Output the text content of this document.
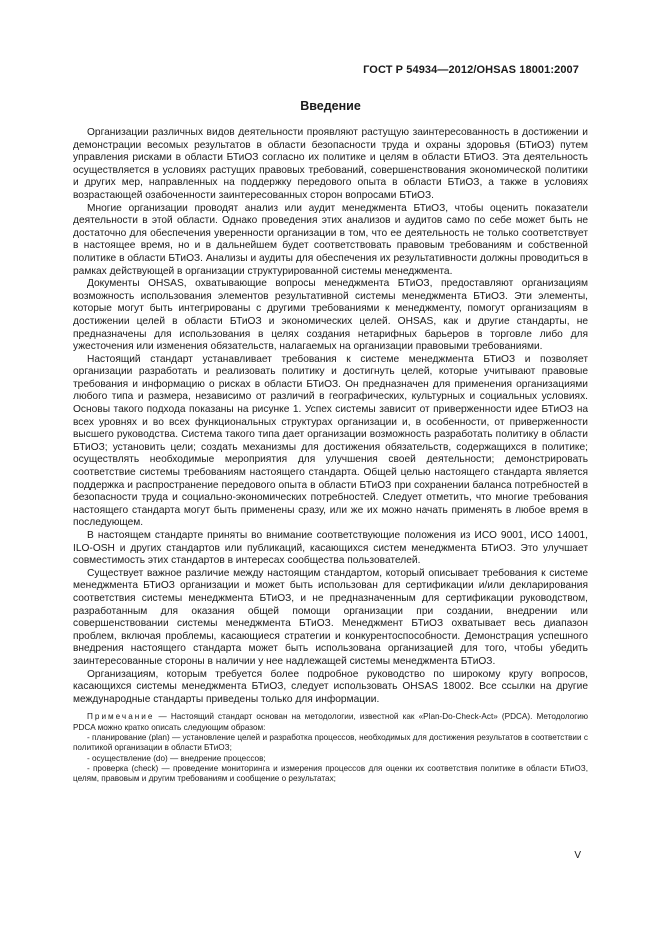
ГОСТ Р 54934—2012/OHSAS 18001:2007
Введение

Организации различных видов деятельности проявляют растущую заинтересованность в достижении и демонстрации весомых результатов в области безопасности труда и охраны здоровья (БТиОЗ) путем управления рисками в области БТиОЗ согласно их политике и целям в области БТиОЗ. Эта деятельность осуществляется в условиях растущих правовых требований, совершенствования экономической политики и других мер, направленных на поддержку передового опыта в области БТиОЗ, а также в условиях возрастающей озабоченности заинтересованных сторон вопросами БТиОЗ.

Многие организации проводят анализ или аудит менеджмента БТиОЗ, чтобы оценить показатели деятельности в этой области. Однако проведения этих анализов и аудитов само по себе может быть не достаточно для обеспечения уверенности организации в том, что ее деятельность не только соответствует в настоящее время, но и в дальнейшем будет соответствовать правовым требованиям и собственной политике в области БТиОЗ. Анализы и аудиты для обеспечения их результативности должны проводиться в рамках действующей в организации структурированной системы менеджмента.

Документы OHSAS, охватывающие вопросы менеджмента БТиОЗ, предоставляют организациям возможность использования элементов результативной системы менеджмента БТиОЗ. Эти элементы, которые могут быть интегрированы с другими требованиями к менеджменту, помогут организациям в достижении целей в области БТиОЗ и экономических целей. OHSAS, как и другие стандарты, не предназначены для использования в целях создания нетарифных барьеров в торговле либо для ужесточения или изменения обязательств, налагаемых на организации правовыми требованиями.

Настоящий стандарт устанавливает требования к системе менеджмента БТиОЗ и позволяет организации разработать и реализовать политику и достигнуть целей, которые учитывают правовые требования и информацию о рисках в области БТиОЗ. Он предназначен для применения организациями любого типа и размера, независимо от различий в географических, культурных и социальных условиях. Основы такого подхода показаны на рисунке 1. Успех системы зависит от приверженности идее БТиОЗ на всех уровнях и во всех функциональных структурах организации и, в особенности, от приверженности высшего руководства. Система такого типа дает организации возможность разработать политику в области БТиОЗ; установить цели; создать механизмы для достижения обязательств, содержащихся в политике; осуществлять необходимые мероприятия для улучшения своей деятельности; демонстрировать соответствие системы требованиям настоящего стандарта. Общей целью настоящего стандарта является поддержка и распространение передового опыта в области БТиОЗ при сохранении баланса потребностей в безопасности труда и социально-экономических потребностей. Следует отметить, что многие требования настоящего стандарта могут быть применены сразу, или же их можно начать применять в любое время в последующем.

В настоящем стандарте приняты во внимание соответствующие положения из ИСО 9001, ИСО 14001, ILO-OSH и других стандартов или публикаций, касающихся систем менеджмента БТиОЗ. Это улучшает совместимость этих стандартов в интересах сообщества пользователей.

Существует важное различие между настоящим стандартом, который описывает требования к системе менеджмента БТиОЗ организации и может быть использован для сертификации и/или декларирования соответствия системы менеджмента БТиОЗ, и не предназначенным для сертификации руководством, разработанным для оказания общей помощи организации при создании, внедрении или совершенствовании системы менеджмента БТиОЗ. Менеджмент БТиОЗ охватывает весь диапазон проблем, включая проблемы, касающиеся стратегии и конкурентоспособности. Демонстрация успешного внедрения настоящего стандарта может быть использована организацией для того, чтобы убедить заинтересованные стороны в наличии у нее надлежащей системы менеджмента БТиОЗ.

Организациям, которым требуется более подробное руководство по широкому кругу вопросов, касающихся системы менеджмента БТиОЗ, следует использовать OHSAS 18002. Все ссылки на другие международные стандарты приведены только для информации.

Примечание — Настоящий стандарт основан на методологии, известной как «Plan-Do-Check-Act» (PDCA). Методологию PDCA можно кратко описать следующим образом:

- планирование (plan) — установление целей и разработка процессов, необходимых для достижения результатов в соответствии с политикой организации в области БТиОЗ;

- осуществление (do) — внедрение процессов;

- проверка (check) — проведение мониторинга и измерения процессов для оценки их соответствия политике в области БТиОЗ, целям, правовым и другим требованиям и сообщение о результатах;

V
